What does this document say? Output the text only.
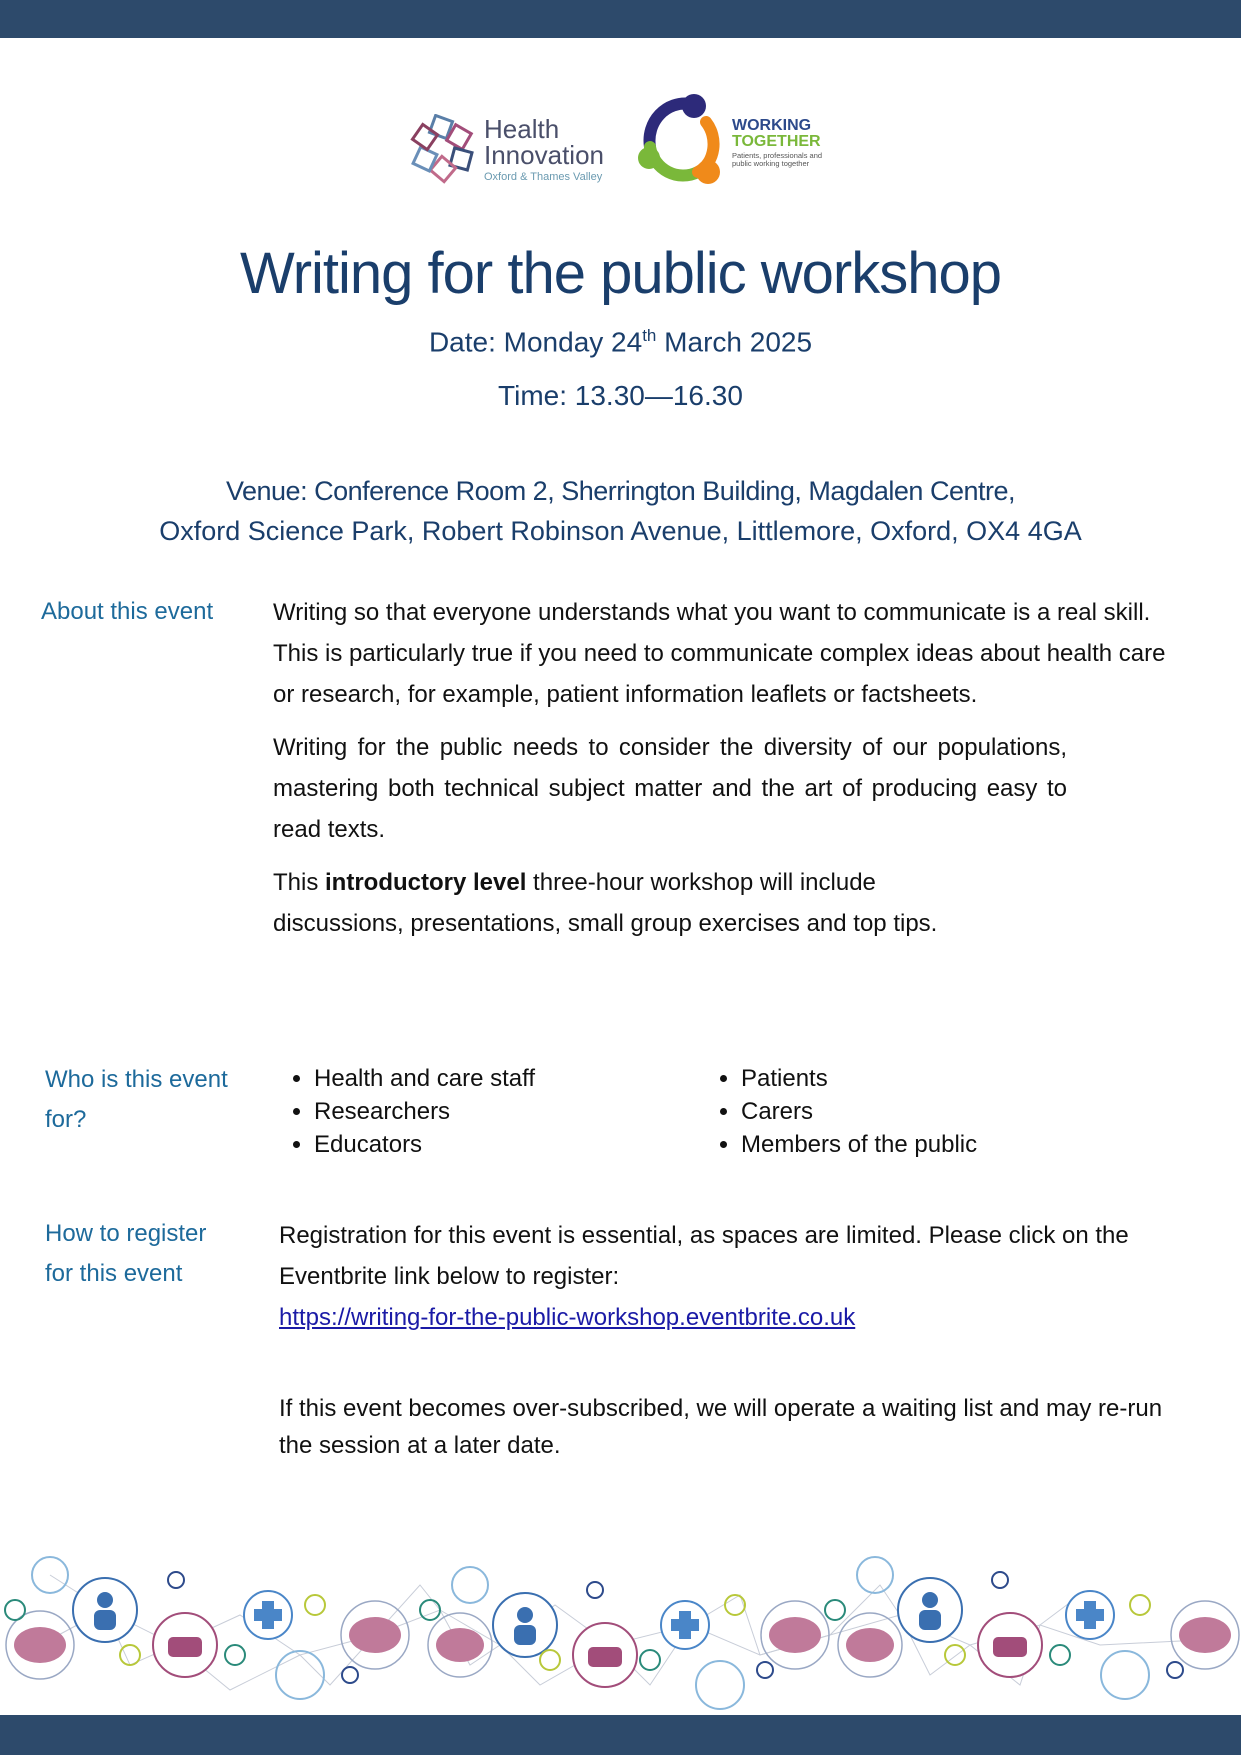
Health
Innovation
Oxford & Thames Valley
WORKING
TOGETHER
Patients, professionals and public working together
Writing for the public workshop
Date: Monday 24th March 2025
Time: 13.30—16.30
Venue: Conference Room 2, Sherrington Building, Magdalen Centre,
Oxford Science Park, Robert Robinson Avenue, Littlemore, Oxford, OX4 4GA
About this event Writing so that everyone understands what you want to communicate is a real skill. This is particularly true if you need to communicate complex ideas about health care or research, for example, patient information leaflets or factsheets.

Writing for the public needs to consider the diversity of our populations, mastering both technical subject matter and the art of producing easy to read texts.

This introductory level three-hour workshop will include discussions, presentations, small group exercises and top tips.

Who is this event
for?
• Health and care staff
• Researchers
• Educators
• Patients
• Carers
• Members of the public
How to register
for this event
Registration for this event is essential, as spaces are limited. Please click on the Eventbrite link below to register:
https://writing-for-the-public-workshop.eventbrite.co.uk
If this event becomes over-subscribed, we will operate a waiting list and may re-run the session at a later date.
